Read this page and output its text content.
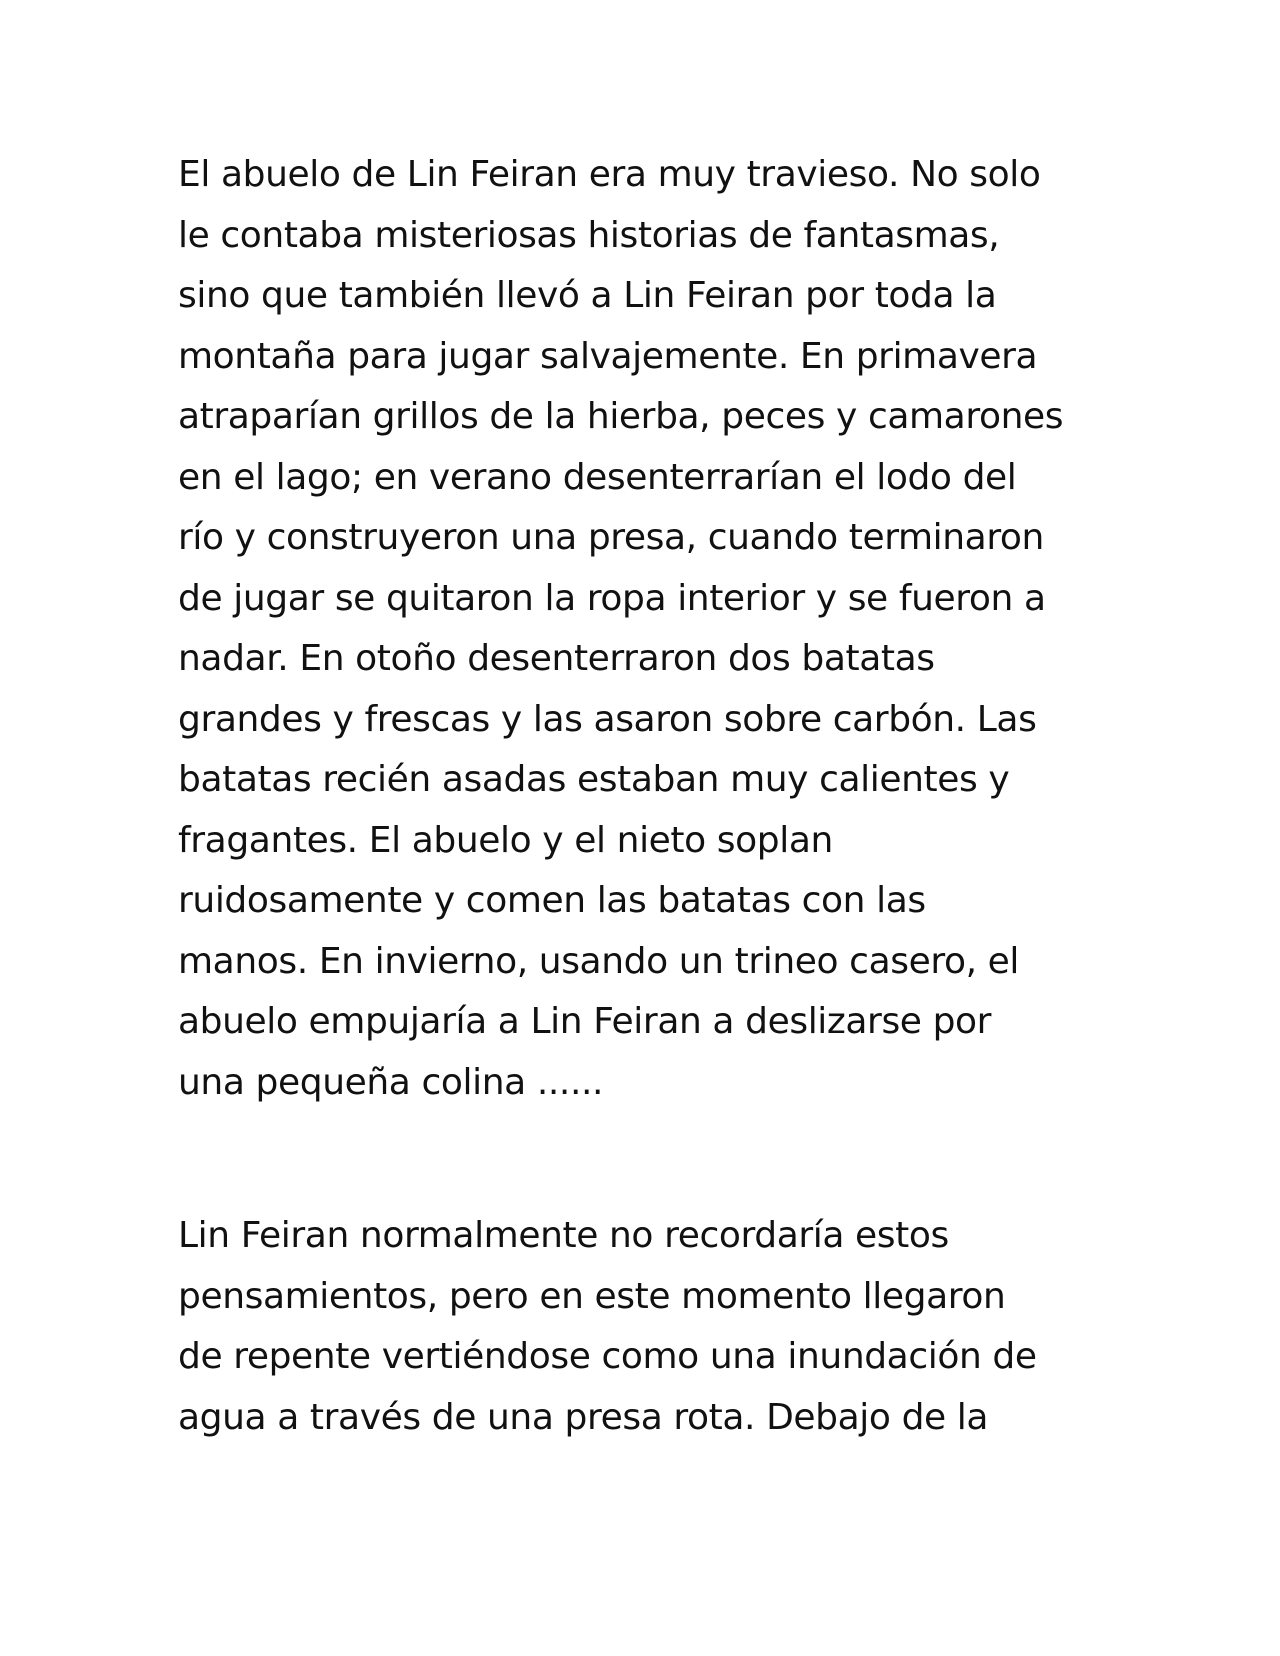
El abuelo de Lin Feiran era muy travieso. No solo
le contaba misteriosas historias de fantasmas,
sino que también llevó a Lin Feiran por toda la
montaña para jugar salvajemente. En primavera
atraparían grillos de la hierba, peces y camarones
en el lago; en verano desenterrarían el lodo del
río y construyeron una presa, cuando terminaron
de jugar se quitaron la ropa interior y se fueron a
nadar. En otoño desenterraron dos batatas
grandes y frescas y las asaron sobre carbón. Las
batatas recién asadas estaban muy calientes y
fragantes. El abuelo y el nieto soplan
ruidosamente y comen las batatas con las
manos. En invierno, usando un trineo casero, el
abuelo empujaría a Lin Feiran a deslizarse por
una pequeña colina ......

Lin Feiran normalmente no recordaría estos
pensamientos, pero en este momento llegaron
de repente vertiéndose como una inundación de
agua a través de una presa rota. Debajo de la
